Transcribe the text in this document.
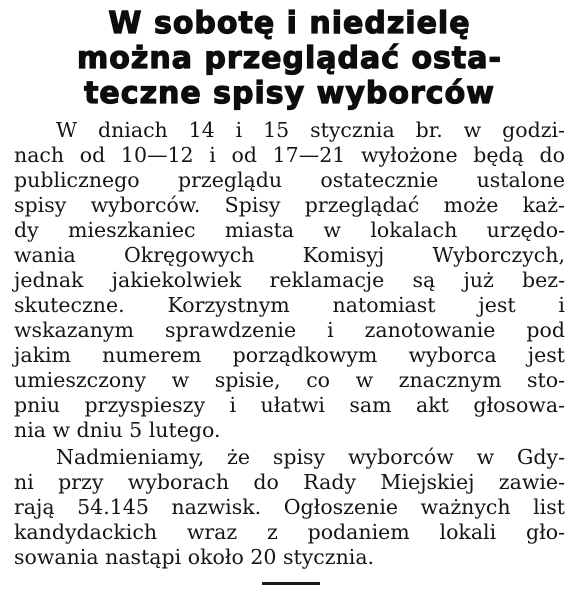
W sobotę i niedzielę
można przeglądać osta-
teczne spisy wyborców
W dniach 14 i 15 stycznia br. w godzi-
nach od 10—12 i od 17—21 wyłożone będą do
publicznego przeglądu ostatecznie ustalone
spisy wyborców. Spisy przeglądać może każ-
dy mieszkaniec miasta w lokalach urzędo-
wania Okręgowych Komisyj Wyborczych,
jednak jakiekolwiek reklamacje są już bez-
skuteczne. Korzystnym natomiast jest i
wskazanym sprawdzenie i zanotowanie pod
jakim numerem porządkowym wyborca jest
umieszczony w spisie, co w znacznym sto-
pniu przyspieszy i ułatwi sam akt głosowa-
nia w dniu 5 lutego.
Nadmieniamy, że spisy wyborców w Gdy-
ni przy wyborach do Rady Miejskiej zawie-
rają 54.145 nazwisk. Ogłoszenie ważnych list
kandydackich wraz z podaniem lokali gło-
sowania nastąpi około 20 stycznia.
